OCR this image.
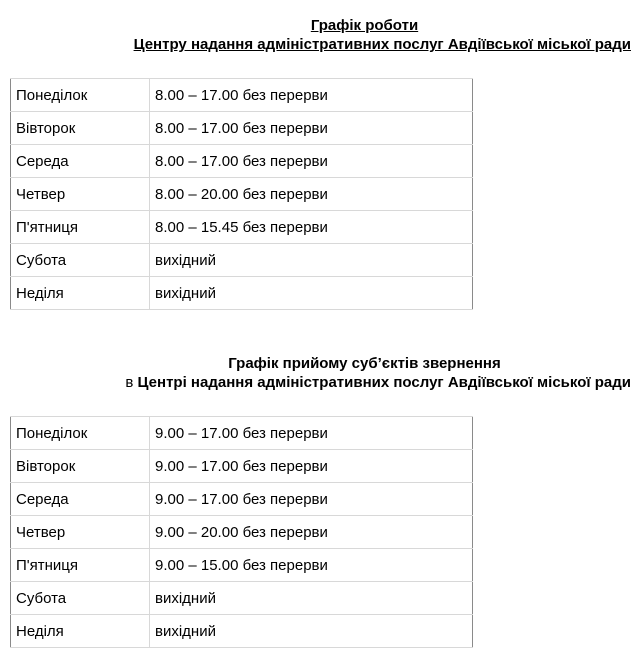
Графік роботи
Центру надання адміністративних послуг Авдіївської міської ради
Понеділок	8.00 – 17.00 без перерви
Вівторок	8.00 – 17.00 без перерви
Середа	8.00 – 17.00 без перерви
Четвер	8.00 – 20.00 без перерви
П'ятниця	8.00 – 15.45 без перерви
Субота	вихідний
Неділя	вихідний
Графік прийому суб’єктів звернення
в Центрі надання адміністративних послуг Авдіївської міської ради
Понеділок	9.00 – 17.00 без перерви
Вівторок	9.00 – 17.00 без перерви
Середа	9.00 – 17.00 без перерви
Четвер	9.00 – 20.00 без перерви
П'ятниця	9.00 – 15.00 без перерви
Субота	вихідний
Неділя	вихідний
